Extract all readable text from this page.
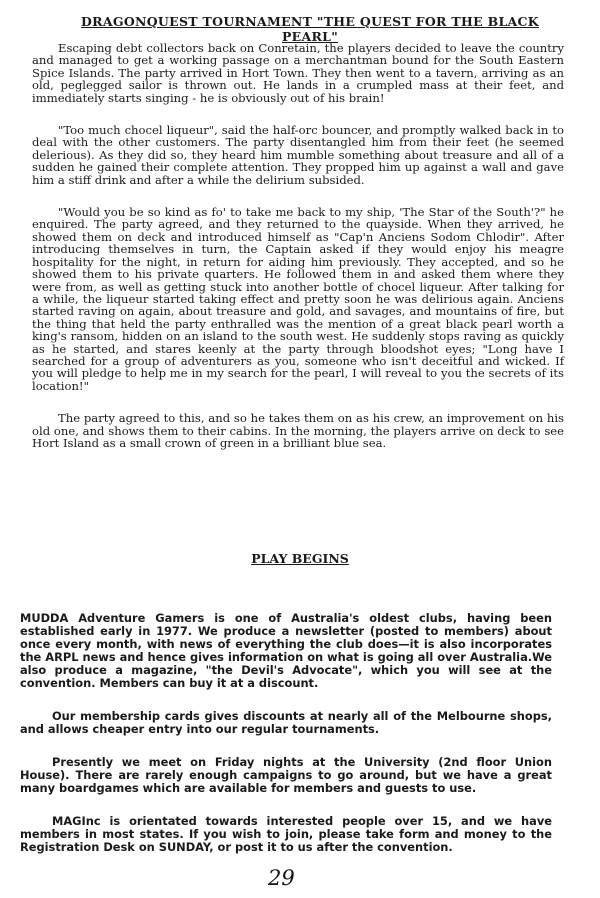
DRAGONQUEST TOURNAMENT "THE QUEST FOR THE BLACK PEARL"

Escaping debt collectors back on Conretain, the players decided to leave the country and managed to get a working passage on a merchantman bound for the South Eastern Spice Islands. The party arrived in Hort Town. They then went to a tavern, arriving as an old, peglegged sailor is thrown out. He lands in a crumpled mass at their feet, and immediately starts singing - he is obviously out of his brain!

"Too much chocel liqueur", said the half-orc bouncer, and promptly walked back in to deal with the other customers. The party disentangled him from their feet (he seemed delerious). As they did so, they heard him mumble something about treasure and all of a sudden he gained their complete attention. They propped him up against a wall and gave him a stiff drink and after a while the delirium subsided.

"Would you be so kind as fo' to take me back to my ship, 'The Star of the South'?" he enquired. The party agreed, and they returned to the quayside. When they arrived, he showed them on deck and introduced himself as "Cap'n Anciens Sodom Chlodir". After introducing themselves in turn, the Captain asked if they would enjoy his meagre hospitality for the night, in return for aiding him previously. They accepted, and so he showed them to his private quarters. He followed them in and asked them where they were from, as well as getting stuck into another bottle of chocel liqueur. After talking for a while, the liqueur started taking effect and pretty soon he was delirious again. Anciens started raving on again, about treasure and gold, and savages, and mountains of fire, but the thing that held the party enthralled was the mention of a great black pearl worth a king's ransom, hidden on an island to the south west. He suddenly stops raving as quickly as he started, and stares keenly at the party through bloodshot eyes; "Long have I searched for a group of adventurers as you, someone who isn't deceitful and wicked. If you will pledge to help me in my search for the pearl, I will reveal to you the secrets of its location!"

The party agreed to this, and so he takes them on as his crew, an improvement on his old one, and shows them to their cabins. In the morning, the players arrive on deck to see Hort Island as a small crown of green in a brilliant blue sea.

PLAY BEGINS

MUDDA Adventure Gamers is one of Australia's oldest clubs, having been established early in 1977. We produce a newsletter (posted to members) about once every month, with news of everything the club does—it is also incorporates the ARPL news and hence gives information on what is going all over Australia.We also produce a magazine, "the Devil's Advocate", which you will see at the convention. Members can buy it at a discount.

Our membership cards gives discounts at nearly all of the Melbourne shops, and allows cheaper entry into our regular tournaments.

Presently we meet on Friday nights at the University (2nd floor Union House). There are rarely enough campaigns to go around, but we have a great many boardgames which are available for members and guests to use.

MAGInc is orientated towards interested people over 15, and we have members in most states. If you wish to join, please take form and money to the Registration Desk on SUNDAY, or post it to us after the convention.

29
